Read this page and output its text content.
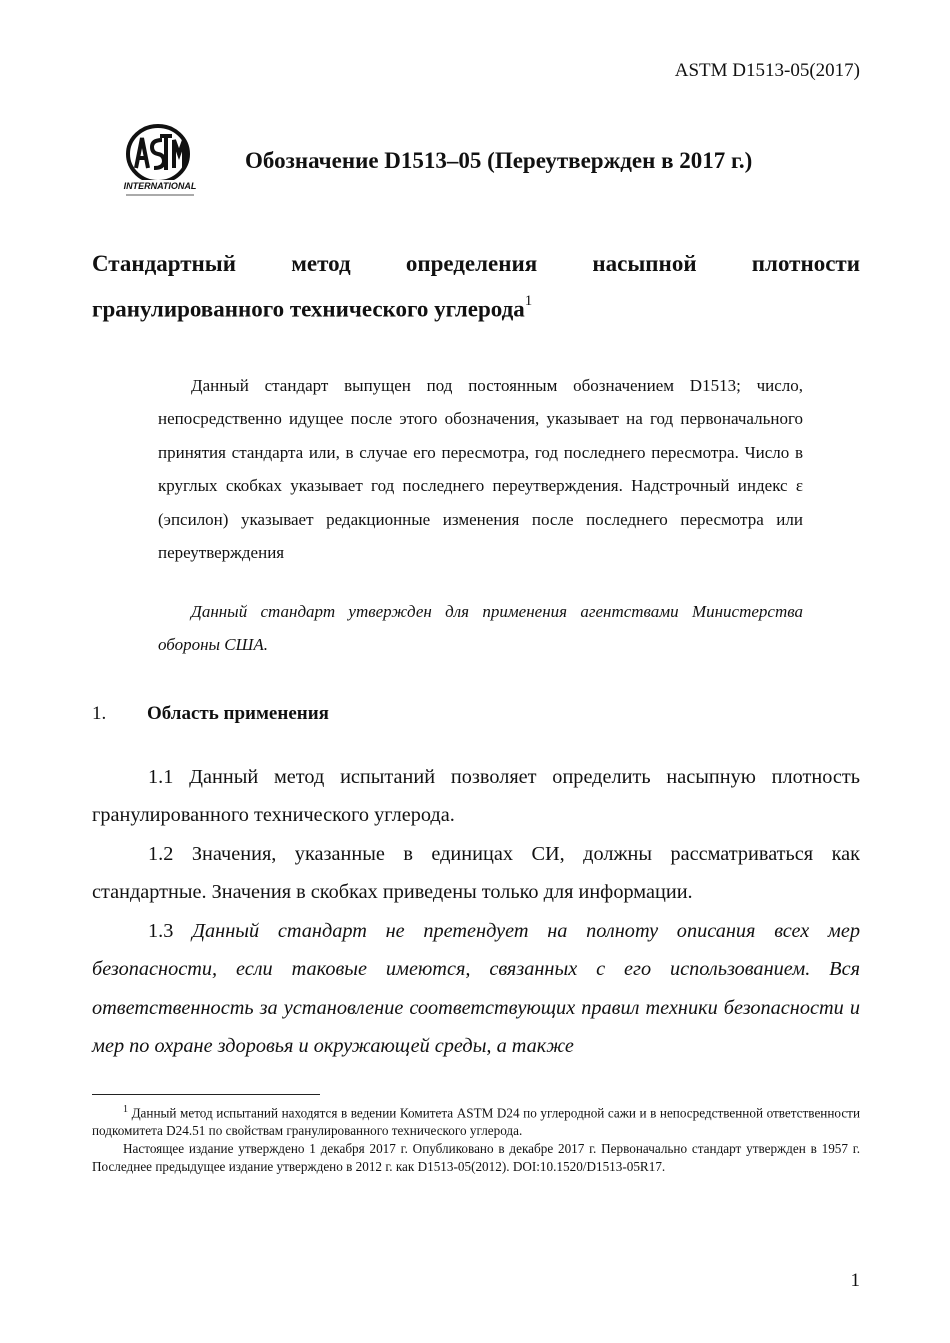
ASTM D1513-05(2017)
INTERNATIONAL
Обозначение D1513–05 (Переутвержден в 2017 г.)
Стандартный метод определения насыпной плотности
гранулированного технического углерода$^1$

Данный стандарт выпущен под постоянным обозначением D1513; число, непосредственно идущее после этого обозначения, указывает на год первоначального принятия стандарта или, в случае его пересмотра, год последнего пересмотра. Число в круглых скобках указывает год последнего переутверждения. Надстрочный индекс ε (эпсилон) указывает редакционные изменения после последнего пересмотра или переутверждения

Данный стандарт утвержден для применения агентствами Министерства обороны США.

1. Область применения

1.1 Данный метод испытаний позволяет определить насыпную плотность гранулированного технического углерода.

1.2 Значения, указанные в единицах СИ, должны рассматриваться как стандартные. Значения в скобках приведены только для информации.

1.3 Данный стандарт не претендует на полноту описания всех мер безопасности, если таковые имеются, связанных с его использованием. Вся ответственность за установление соответствующих правил техники безопасности и мер по охране здоровья и окружающей среды, а также

$^1$ Данный метод испытаний находятся в ведении Комитета ASTM D24 по углеродной сажи и в непосредственной ответственности подкомитета D24.51 по свойствам гранулированного технического углерода.

Настоящее издание утверждено 1 декабря 2017 г. Опубликовано в декабре 2017 г. Первоначально стандарт утвержден в 1957 г. Последнее предыдущее издание утверждено в 2012 г. как D1513-05(2012). DOI:10.1520/D1513-05R17.

1
